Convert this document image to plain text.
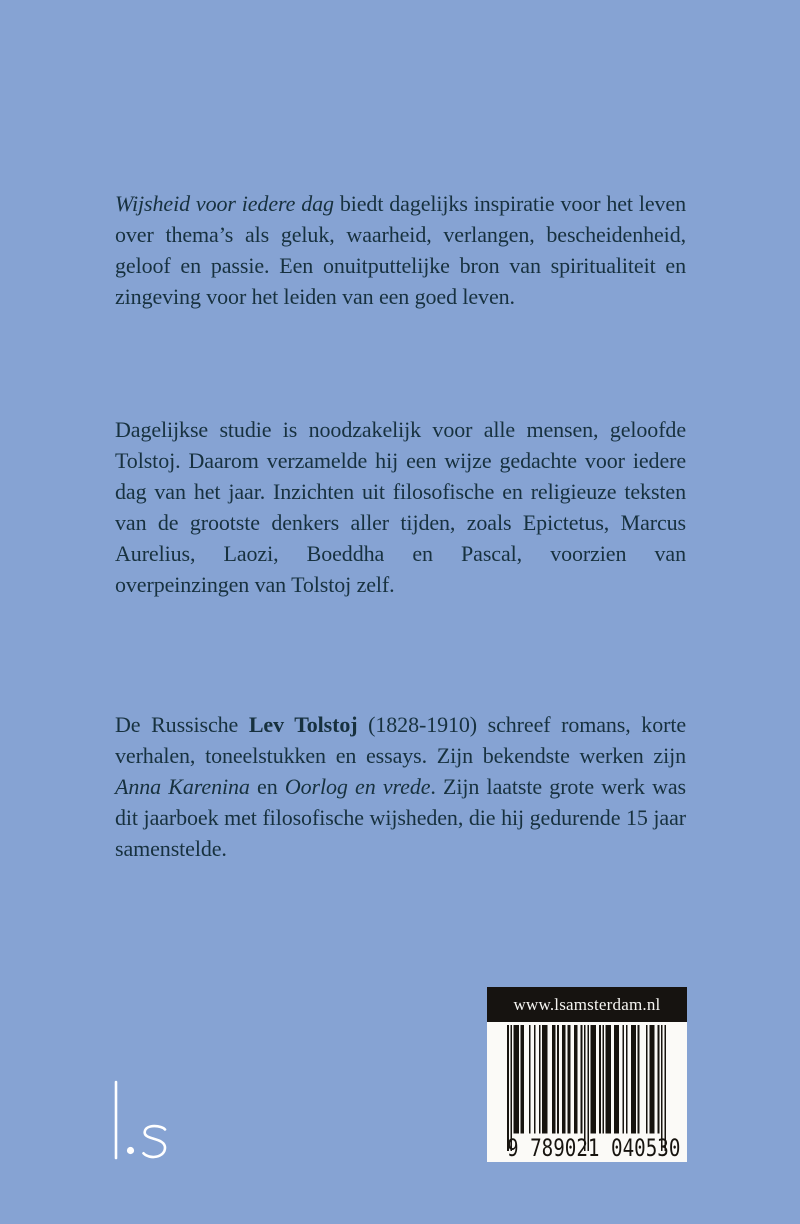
Wijsheid voor iedere dag biedt dagelijks inspiratie voor het leven over thema’s als geluk, waarheid, verlangen, bescheidenheid, geloof en passie. Een onuitputtelijke bron van spiritualiteit en zingeving voor het leiden van een goed leven.

Dagelijkse studie is noodzakelijk voor alle mensen, geloofde Tolstoj. Daarom verzamelde hij een wijze gedachte voor iedere dag van het jaar. Inzichten uit filosofische en religieuze teksten van de grootste denkers aller tijden, zoals Epictetus, Marcus Aurelius, Laozi, Boeddha en Pascal, voorzien van overpeinzingen van Tolstoj zelf.

De Russische Lev Tolstoj (1828-1910) schreef romans, korte verhalen, toneelstukken en essays. Zijn bekendste werken zijn Anna Karenina en Oorlog en vrede. Zijn laatste grote werk was dit jaarboek met filosofische wijsheden, die hij gedurende 15 jaar samenstelde.

www.lsamsterdam.nl
9 789021 040530
